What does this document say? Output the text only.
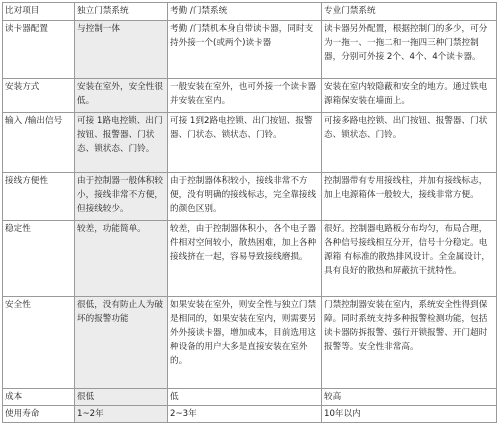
比对项目	独立门禁系统	考勤 /门禁系统	专业门禁系统
读卡器配置	与控制一体	考勤 /门禁机本身自带读卡器，同时支持外接一个(或两个)读卡器	读卡器另外配置，根据控制门的多少，可分为一拖一、一拖二和一拖四三种门禁控制器，分别可外接 2个、4个、4个读卡器。
安装方式	安装在室外，安全性很低。	一般安装在室外，也可外接一个读卡器并安装在室内。	安装在室内较隐蔽和安全的地方。通过铁电源箱保安装在墙面上。
输入 /输出信号	可接 1路电控锁、出门按钮、报警器、门状态、锁状态、门铃。	可接 1到2路电控锁、出门按钮、报警器、门状态、锁状态、门铃。	可接多路电控锁、出门按钮、报警器、门状态、锁状态、门铃。
接线方便性	由于控制器一般体积较小，接线非常不方便，但接线较少。	由于控制器体积较小，接线非常不方便，没有明确的接线标志，完全靠接线的颜色区别。	控制器带有专用接线柱，并加有接线标志，加上电源箱体一般较大，接线非常方便。
稳定性	较差，功能简单。	较差，由于控制器体积小，各个电子器件相对空间较小，散热困难，加上各种接线挤在一起，容易导致接线磨损。	很好。控制器电路板分布均匀，布局合理，各种信号接线相互分开，信号十分稳定。电源箱 有标准的散热排风设计。全金属设计，具有良好的散热和屏蔽抗干扰特性。
安全性	很低，没有防止人为破坏的报警功能	如果安装在室外，则安全性与独立门禁是相同的，如果安装在室内，则需要另外外接读卡器，增加成本，目前选用这种设备的用户大多是直接安装在室外的。	门禁控制器安装在室内，系统安全性得到保障。同时系统支持多种报警检测功能，包括读卡器防拆报警、强行开锁报警、开门超时报警等。安全性非常高。
成本	很低	低	较高
使用寿命	1~2年	2~3年	10年以内
